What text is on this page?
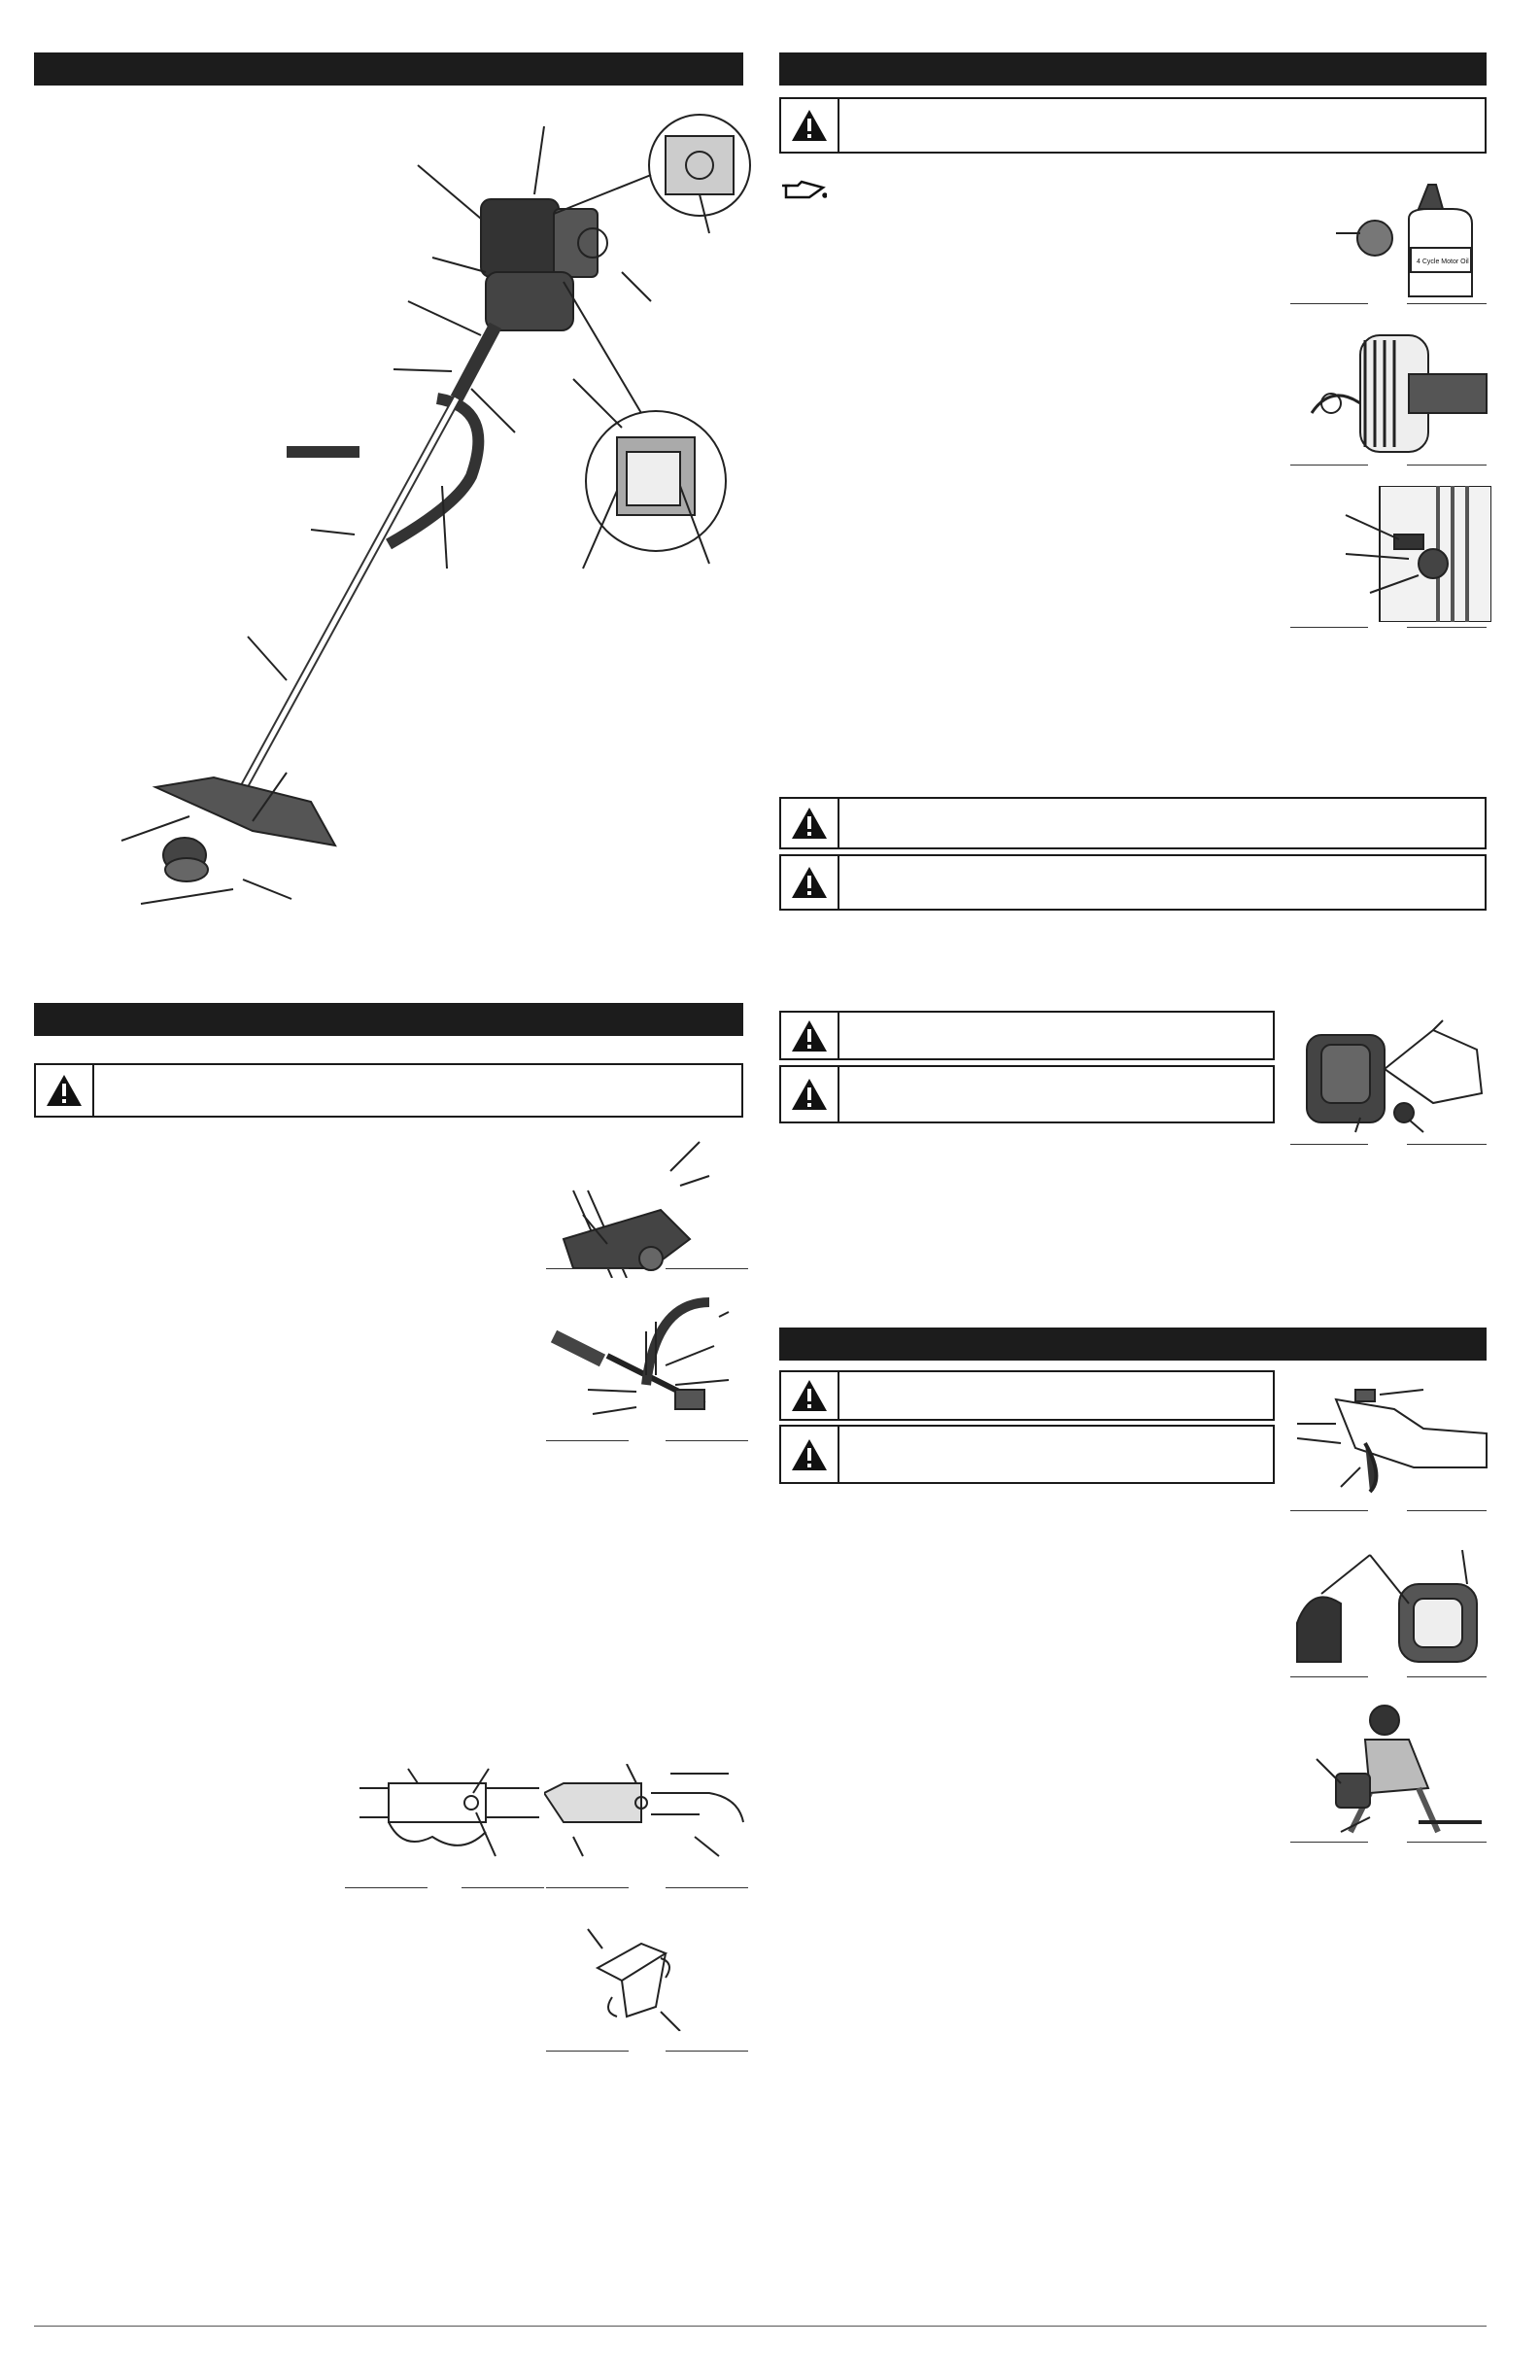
4 Cycle Motor Oil
